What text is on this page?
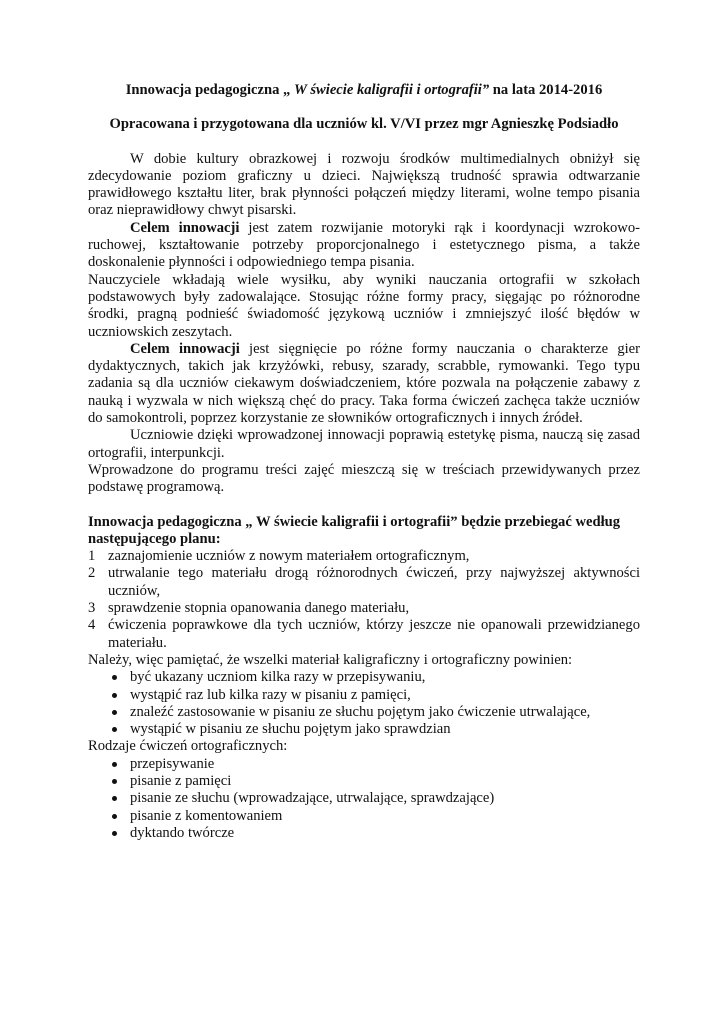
Innowacja pedagogiczna „ W świecie kaligrafii i ortografii” na lata 2014-2016

Opracowana i przygotowana dla uczniów kl. V/VI przez mgr Agnieszkę Podsiadło

W dobie kultury obrazkowej i rozwoju środków multimedialnych obniżył się zdecydowanie poziom graficzny u dzieci. Największą trudność sprawia odtwarzanie prawidłowego kształtu liter, brak płynności połączeń między literami, wolne tempo pisania oraz nieprawidłowy chwyt pisarski.

Celem innowacji jest zatem rozwijanie motoryki rąk i koordynacji wzrokowo-ruchowej, kształtowanie potrzeby proporcjonalnego i estetycznego pisma, a także doskonalenie płynności i odpowiedniego tempa pisania.

Nauczyciele wkładają wiele wysiłku, aby wyniki nauczania ortografii w szkołach podstawowych były zadowalające. Stosując różne formy pracy, sięgając po różnorodne środki, pragną podnieść świadomość językową uczniów i zmniejszyć ilość błędów w uczniowskich zeszytach.

Celem innowacji jest sięgnięcie po różne formy nauczania o charakterze gier dydaktycznych, takich jak krzyżówki, rebusy, szarady, scrabble, rymowanki. Tego typu zadania są dla uczniów ciekawym doświadczeniem, które pozwala na połączenie zabawy z nauką i wyzwala w nich większą chęć do pracy. Taka forma ćwiczeń zachęca także uczniów do samokontroli, poprzez korzystanie ze słowników ortograficznych i innych źródeł.

Uczniowie dzięki wprowadzonej innowacji poprawią estetykę pisma, nauczą się zasad ortografii, interpunkcji.

Wprowadzone do programu treści zajęć mieszczą się w treściach przewidywanych przez podstawę programową.

Innowacja pedagogiczna „ W świecie kaligrafii i ortografii” będzie przebiegać według następującego planu:

1 zaznajomienie uczniów z nowym materiałem ortograficznym,
2 utrwalanie tego materiału drogą różnorodnych ćwiczeń, przy najwyższej aktywności uczniów,
3 sprawdzenie stopnia opanowania danego materiału,
4 ćwiczenia poprawkowe dla tych uczniów, którzy jeszcze nie opanowali przewidzianego materiału.

Należy, więc pamiętać, że wszelki materiał kaligraficzny i ortograficzny powinien:

być ukazany uczniom kilka razy w przepisywaniu,
wystąpić raz lub kilka razy w pisaniu z pamięci,
znaleźć zastosowanie w pisaniu ze słuchu pojętym jako ćwiczenie utrwalające,
wystąpić w pisaniu ze słuchu pojętym jako sprawdzian

Rodzaje ćwiczeń ortograficznych:

przepisywanie
pisanie z pamięci
pisanie ze słuchu (wprowadzające, utrwalające, sprawdzające)
pisanie z komentowaniem
dyktando twórcze
